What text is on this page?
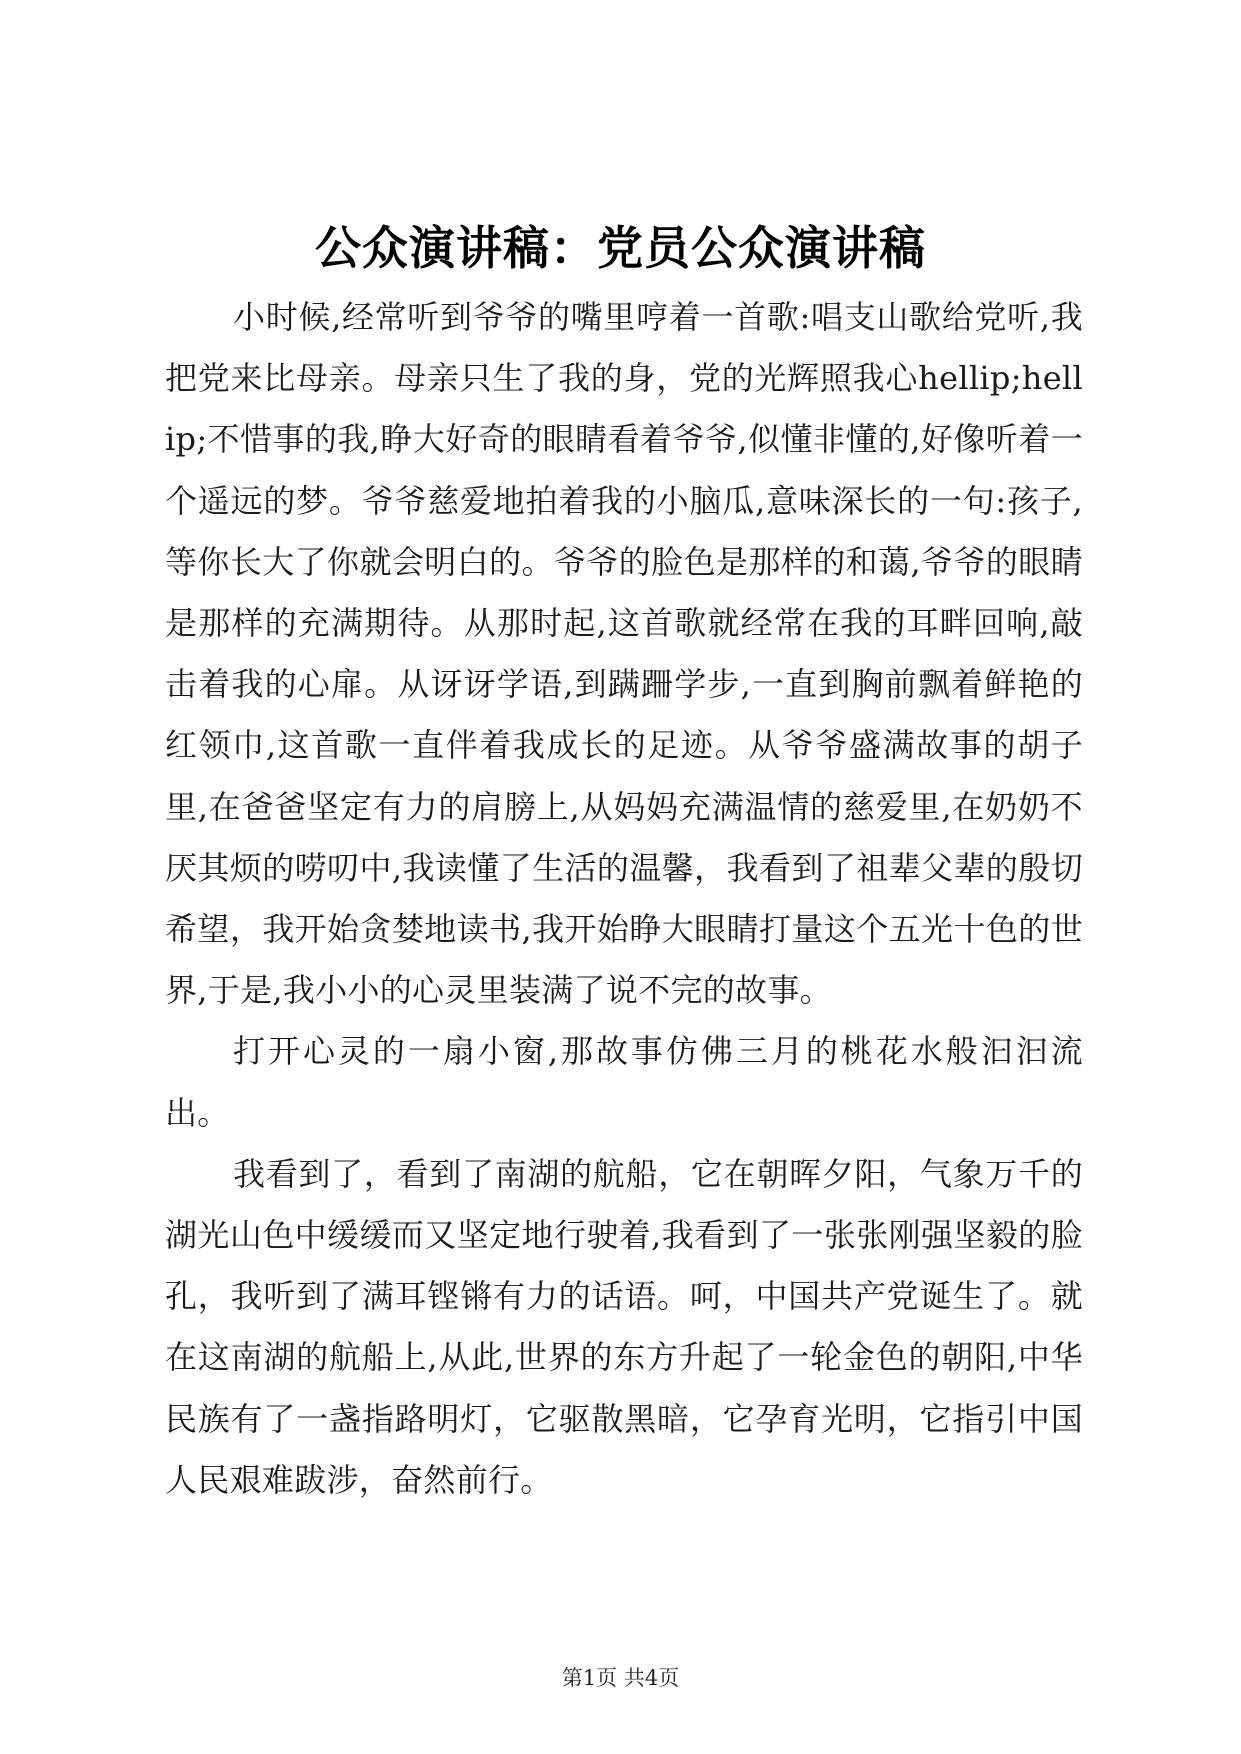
公众演讲稿：党员公众演讲稿

小时候,经常听到爷爷的嘴里哼着一首歌:唱支山歌给党听,我把党来比母亲。母亲只生了我的身，党的光辉照我心hellip;hellip;不惜事的我,睁大好奇的眼睛看着爷爷,似懂非懂的,好像听着一个遥远的梦。爷爷慈爱地拍着我的小脑瓜,意味深长的一句:孩子,等你长大了你就会明白的。爷爷的脸色是那样的和蔼,爷爷的眼睛是那样的充满期待。从那时起,这首歌就经常在我的耳畔回响,敲击着我的心扉。从讶讶学语,到蹒跚学步,一直到胸前飘着鲜艳的红领巾,这首歌一直伴着我成长的足迹。从爷爷盛满故事的胡子里,在爸爸坚定有力的肩膀上,从妈妈充满温情的慈爱里,在奶奶不厌其烦的唠叨中,我读懂了生活的温馨，我看到了祖辈父辈的殷切希望，我开始贪婪地读书,我开始睁大眼睛打量这个五光十色的世界,于是,我小小的心灵里装满了说不完的故事。

打开心灵的一扇小窗,那故事仿佛三月的桃花水般汩汩流出。

我看到了，看到了南湖的航船，它在朝晖夕阳，气象万千的湖光山色中缓缓而又坚定地行驶着,我看到了一张张刚强坚毅的脸孔，我听到了满耳铿锵有力的话语。呵，中国共产党诞生了。就在这南湖的航船上,从此,世界的东方升起了一轮金色的朝阳,中华民族有了一盏指路明灯，它驱散黑暗，它孕育光明，它指引中国人民艰难跋涉，奋然前行。

第1页 共4页
